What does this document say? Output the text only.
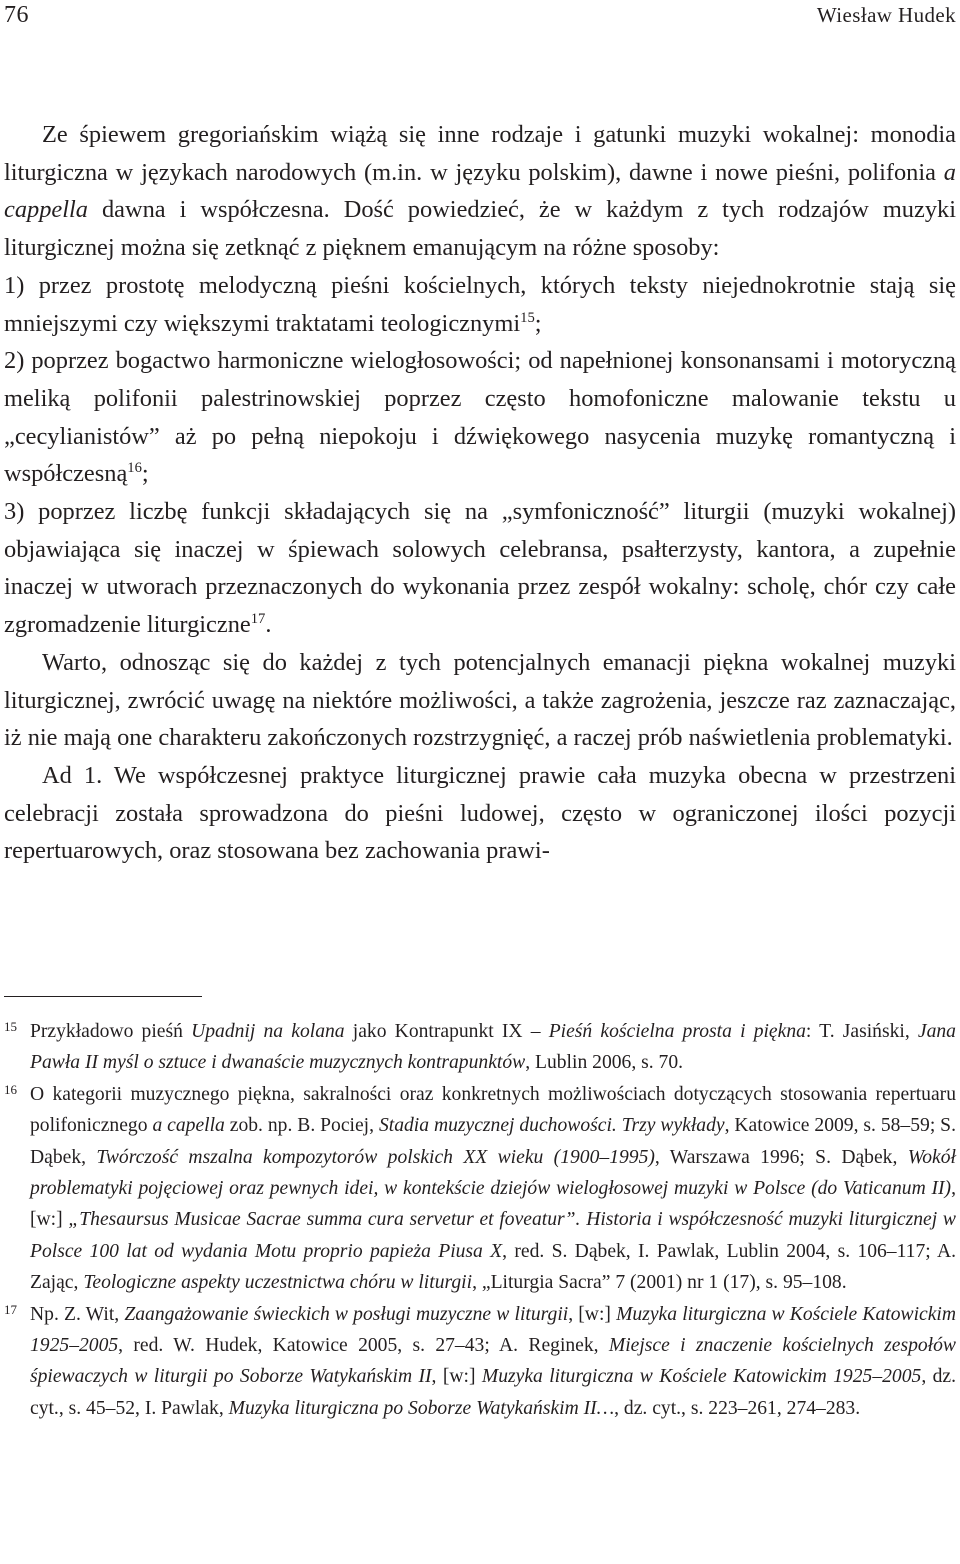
76	Wiesław Hudek

Ze śpiewem gregoriańskim wiążą się inne rodzaje i gatunki muzyki wokalnej: monodia liturgiczna w językach narodowych (m.in. w języku polskim), dawne i nowe pieśni, polifonia a cappella dawna i współczesna. Dość powiedzieć, że w każdym z tych rodzajów muzyki liturgicznej można się zetknąć z pięknem emanującym na różne sposoby:

1) przez prostotę melodyczną pieśni kościelnych, których teksty niejednokrotnie stają się mniejszymi czy większymi traktatami teologicznymi$^{15}$;

2) poprzez bogactwo harmoniczne wielogłosowości; od napełnionej konsonansami i motoryczną meliką polifonii palestrinowskiej poprzez często homofoniczne malowanie tekstu u „cecylianistów” aż po pełną niepokoju i dźwiękowego nasycenia muzykę romantyczną i współczesną$^{16}$;

3) poprzez liczbę funkcji składających się na „symfoniczność” liturgii (muzyki wokalnej) objawiająca się inaczej w śpiewach solowych celebransa, psałterzysty, kantora, a zupełnie inaczej w utworach przeznaczonych do wykonania przez zespół wokalny: scholę, chór czy całe zgromadzenie liturgiczne$^{17}$.

Warto, odnosząc się do każdej z tych potencjalnych emanacji piękna wokalnej muzyki liturgicznej, zwrócić uwagę na niektóre możliwości, a także zagrożenia, jeszcze raz zaznaczając, iż nie mają one charakteru zakończonych rozstrzygnięć, a raczej prób naświetlenia problematyki.

Ad 1. We współczesnej praktyce liturgicznej prawie cała muzyka obecna w przestrzeni celebracji została sprowadzona do pieśni ludowej, często w ograniczonej ilości pozycji repertuarowych, oraz stosowana bez zachowania prawi-

15 Przykładowo pieśń Upadnij na kolana jako Kontrapunkt IX – Pieśń kościelna prosta i piękna: T. Jasiński, Jana Pawła II myśl o sztuce i dwanaście muzycznych kontrapunktów, Lublin 2006, s. 70.
16 O kategorii muzycznego piękna, sakralności oraz konkretnych możliwościach dotyczących stosowania repertuaru polifonicznego a capella zob. np. B. Pociej, Stadia muzycznej duchowości. Trzy wykłady, Katowice 2009, s. 58–59; S. Dąbek, Twórczość mszalna kompozytorów polskich XX wieku (1900–1995), Warszawa 1996; S. Dąbek, Wokół problematyki pojęciowej oraz pewnych idei, w kontekście dziejów wielogłosowej muzyki w Polsce (do Vaticanum II), [w:] „Thesaursus Musicae Sacrae summa cura servetur et foveatur”. Historia i współczesność muzyki liturgicznej w Polsce 100 lat od wydania Motu proprio papieża Piusa X, red. S. Dąbek, I. Pawlak, Lublin 2004, s. 106–117; A. Zając, Teologiczne aspekty uczestnictwa chóru w liturgii, „Liturgia Sacra” 7 (2001) nr 1 (17), s. 95–108.
17 Np. Z. Wit, Zaangażowanie świeckich w posługi muzyczne w liturgii, [w:] Muzyka liturgiczna w Kościele Katowickim 1925–2005, red. W. Hudek, Katowice 2005, s. 27–43; A. Reginek, Miejsce i znaczenie kościelnych zespołów śpiewaczych w liturgii po Soborze Watykańskim II, [w:] Muzyka liturgiczna w Kościele Katowickim 1925–2005, dz. cyt., s. 45–52, I. Pawlak, Muzyka liturgiczna po Soborze Watykańskim II…, dz. cyt., s. 223–261, 274–283.
